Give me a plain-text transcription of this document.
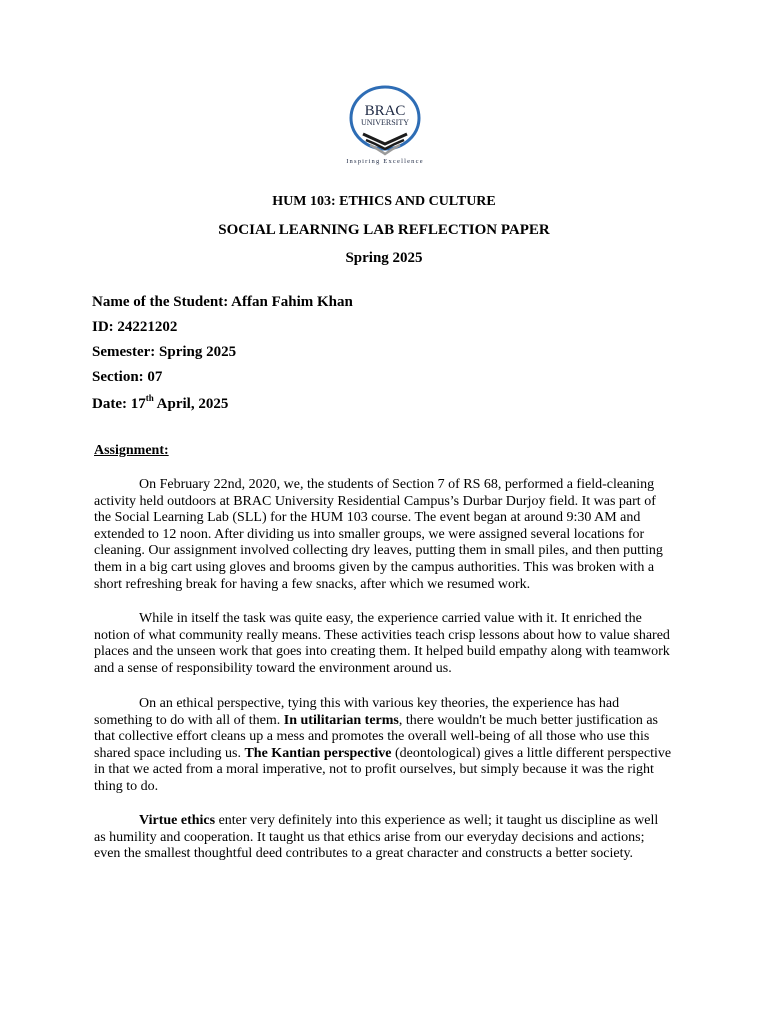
BRAC
UNIVERSITY
Inspiring Excellence
HUM 103: ETHICS AND CULTURE
SOCIAL LEARNING LAB REFLECTION PAPER
Spring 2025
Name of the Student: Affan Fahim Khan
ID: 24221202
Semester: Spring 2025
Section: 07
Date: 17th April, 2025
Assignment:

On February 22nd, 2020, we, the students of Section 7 of RS 68, performed a field-cleaning activity held outdoors at BRAC University Residential Campus’s Durbar Durjoy field. It was part of the Social Learning Lab (SLL) for the HUM 103 course. The event began at around 9:30 AM and extended to 12 noon. After dividing us into smaller groups, we were assigned several locations for cleaning. Our assignment involved collecting dry leaves, putting them in small piles, and then putting them in a big cart using gloves and brooms given by the campus authorities. This was broken with a short refreshing break for having a few snacks, after which we resumed work.

While in itself the task was quite easy, the experience carried value with it. It enriched the notion of what community really means. These activities teach crisp lessons about how to value shared places and the unseen work that goes into creating them. It helped build empathy along with teamwork and a sense of responsibility toward the environment around us.

On an ethical perspective, tying this with various key theories, the experience has had something to do with all of them. In utilitarian terms, there wouldn't be much better justification as that collective effort cleans up a mess and promotes the overall well-being of all those who use this shared space including us. The Kantian perspective (deontological) gives a little different perspective in that we acted from a moral imperative, not to profit ourselves, but simply because it was the right thing to do.

Virtue ethics enter very definitely into this experience as well; it taught us discipline as well as humility and cooperation. It taught us that ethics arise from our everyday decisions and actions; even the smallest thoughtful deed contributes to a great character and constructs a better society.
